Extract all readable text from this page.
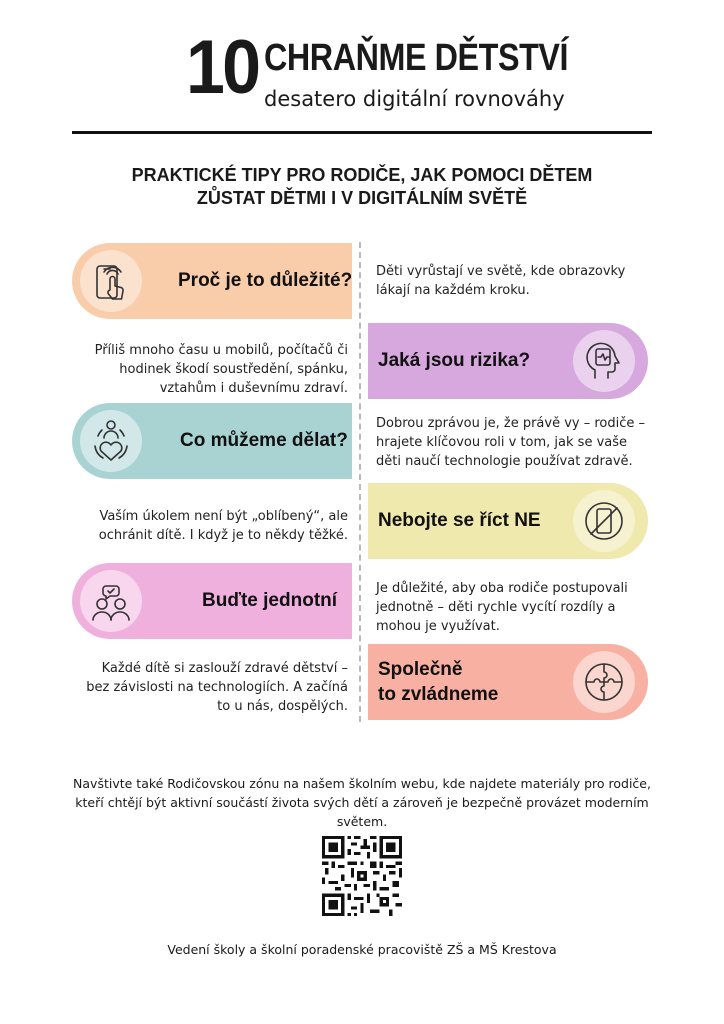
10 CHRAŇME DĚTSTVÍ
desatero digitální rovnováhy
PRAKTICKÉ TIPY PRO RODIČE, JAK POMOCI DĚTEM
ZŮSTAT DĚTMI I V DIGITÁLNÍM SVĚTĚ
Proč je to důležité? Děti vyrůstají ve světě, kde obrazovky lákají na každém kroku.
Příliš mnoho času u mobilů, počítačů či hodinek škodí soustředění, spánku, vztahům i duševnímu zdraví.
Jaká jsou rizika?
Co můžeme dělat?
Dobrou zprávou je, že právě vy – rodiče – hrajete klíčovou roli v tom, jak se vaše děti naučí technologie používat zdravě.
Vaším úkolem není být „oblíbený“, ale ochránit dítě. I když je to někdy těžké.
Nebojte se říct NE
Buďte jednotní
Je důležité, aby oba rodiče postupovali jednotně – děti rychle vycítí rozdíly a mohou je využívat.
Každé dítě si zaslouží zdravé dětství – bez závislosti na technologiích. A začíná to u nás, dospělých.
Společně
to zvládneme
Navštivte také Rodičovskou zónu na našem školním webu, kde najdete materiály pro rodiče, kteří chtějí být aktivní součástí života svých dětí a zároveň je bezpečně provázet moderním světem.
Vedení školy a školní poradenské pracoviště ZŠ a MŠ Krestova
